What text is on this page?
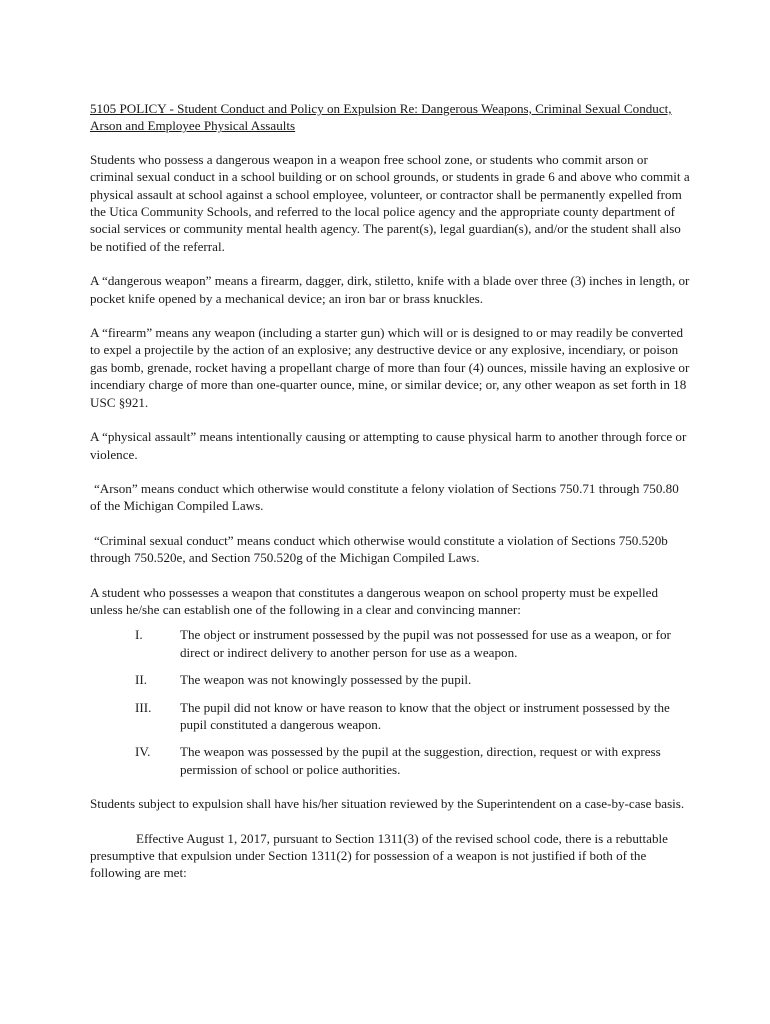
5105 POLICY - Student Conduct and Policy on Expulsion Re: Dangerous Weapons, Criminal Sexual Conduct, Arson and Employee Physical Assaults

Students who possess a dangerous weapon in a weapon free school zone, or students who commit arson or criminal sexual conduct in a school building or on school grounds, or students in grade 6 and above who commit a physical assault at school against a school employee, volunteer, or contractor shall be permanently expelled from the Utica Community Schools, and referred to the local police agency and the appropriate county department of social services or community mental health agency. The parent(s), legal guardian(s), and/or the student shall also be notified of the referral.

A “dangerous weapon” means a firearm, dagger, dirk, stiletto, knife with a blade over three (3) inches in length, or pocket knife opened by a mechanical device; an iron bar or brass knuckles.

A “firearm” means any weapon (including a starter gun) which will or is designed to or may readily be converted to expel a projectile by the action of an explosive; any destructive device or any explosive, incendiary, or poison gas bomb, grenade, rocket having a propellant charge of more than four (4) ounces, missile having an explosive or incendiary charge of more than one-quarter ounce, mine, or similar device; or, any other weapon as set forth in 18 USC §921.

A “physical assault” means intentionally causing or attempting to cause physical harm to another through force or violence.

“Arson” means conduct which otherwise would constitute a felony violation of Sections 750.71 through 750.80 of the Michigan Compiled Laws.

“Criminal sexual conduct” means conduct which otherwise would constitute a violation of Sections 750.520b through 750.520e, and Section 750.520g of the Michigan Compiled Laws.

A student who possesses a weapon that constitutes a dangerous weapon on school property must be expelled unless he/she can establish one of the following in a clear and convincing manner:

I.	The object or instrument possessed by the pupil was not possessed for use as a weapon, or for direct or indirect delivery to another person for use as a weapon.
II.	The weapon was not knowingly possessed by the pupil.
III. The pupil did not know or have reason to know that the object or instrument possessed by the pupil constituted a dangerous weapon.
IV. The weapon was possessed by the pupil at the suggestion, direction, request or with express permission of school or police authorities.

Students subject to expulsion shall have his/her situation reviewed by the Superintendent on a case-by-case basis.

Effective August 1, 2017, pursuant to Section 1311(3) of the revised school code, there is a rebuttable presumptive that expulsion under Section 1311(2) for possession of a weapon is not justified if both of the following are met:
